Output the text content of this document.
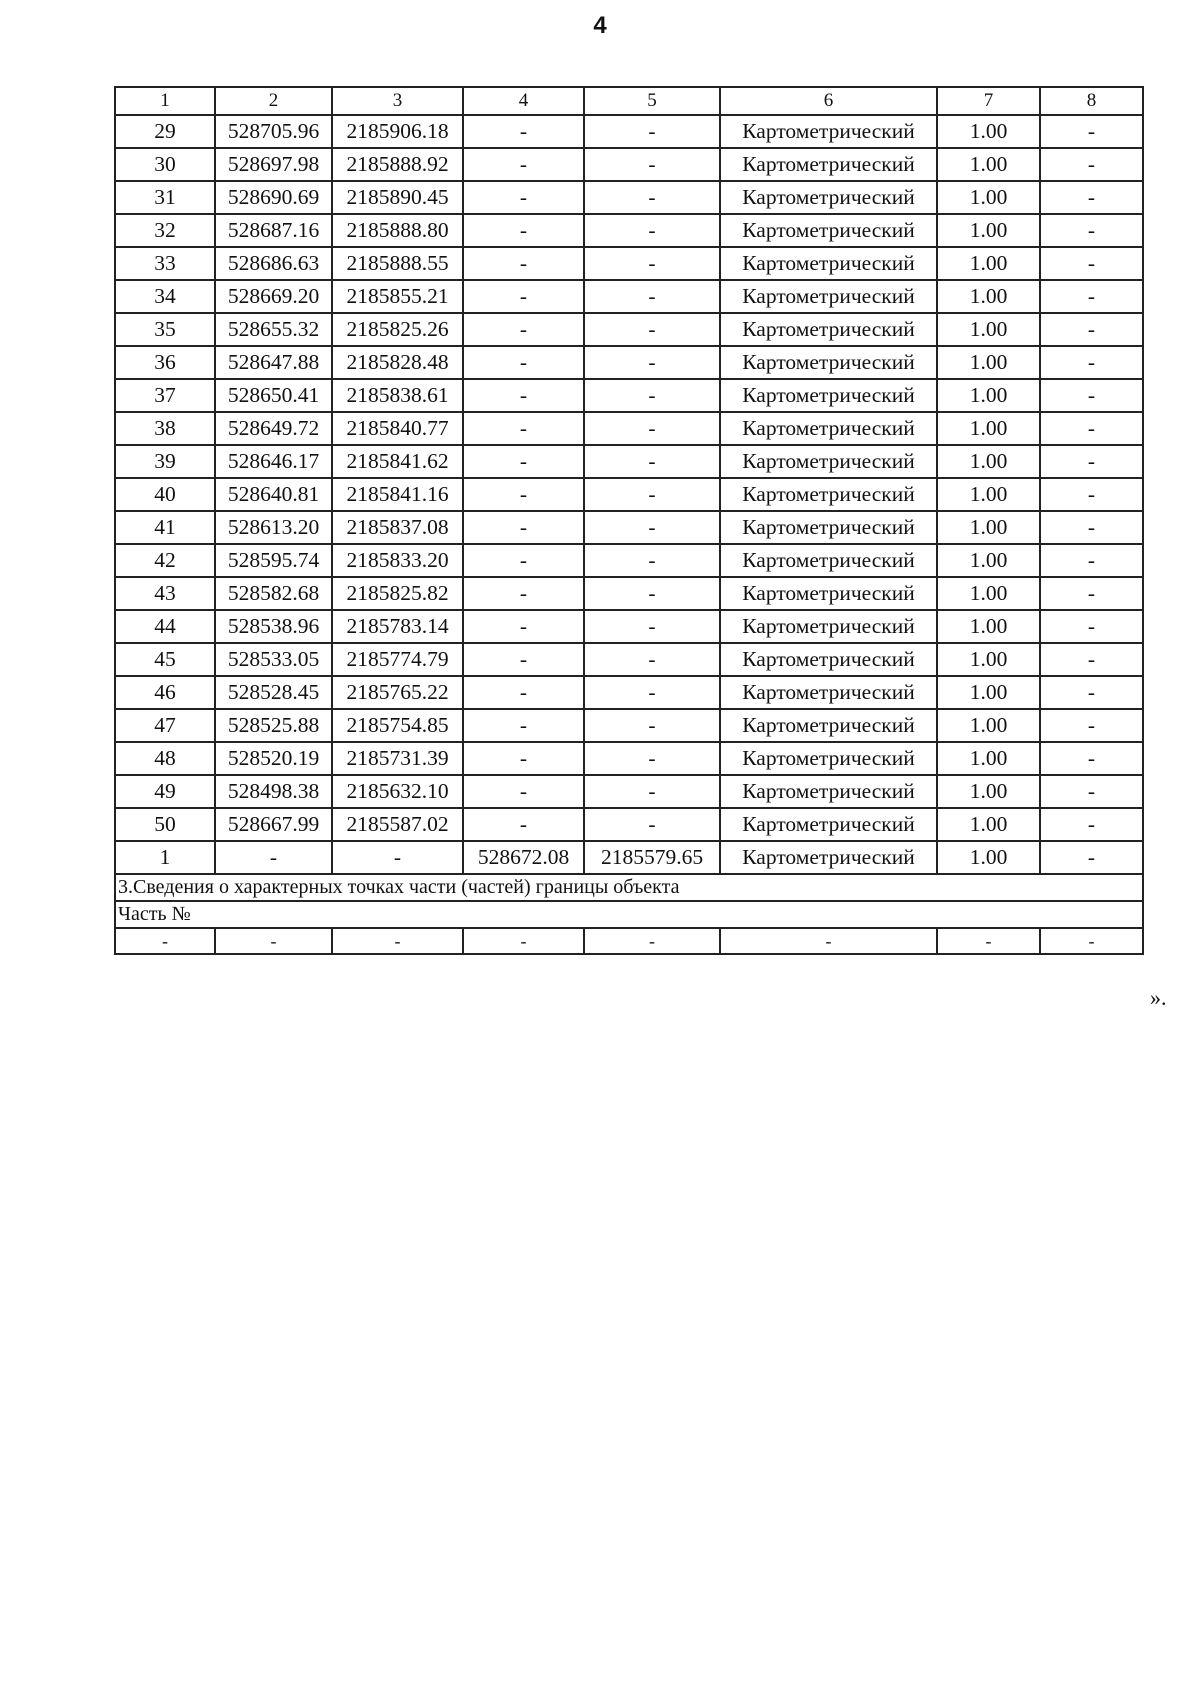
4
1	2	3	4	5	6	7	8
29	528705.96	2185906.18	-	-	Картометрический	1.00	-
30	528697.98	2185888.92	-	-	Картометрический	1.00	-
31	528690.69	2185890.45	-	-	Картометрический	1.00	-
32	528687.16	2185888.80	-	-	Картометрический	1.00	-
33	528686.63	2185888.55	-	-	Картометрический	1.00	-
34	528669.20	2185855.21	-	-	Картометрический	1.00	-
35	528655.32	2185825.26	-	-	Картометрический	1.00	-
36	528647.88	2185828.48	-	-	Картометрический	1.00	-
37	528650.41	2185838.61	-	-	Картометрический	1.00	-
38	528649.72	2185840.77	-	-	Картометрический	1.00	-
39	528646.17	2185841.62	-	-	Картометрический	1.00	-
40	528640.81	2185841.16	-	-	Картометрический	1.00	-
41	528613.20	2185837.08	-	-	Картометрический	1.00	-
42	528595.74	2185833.20	-	-	Картометрический	1.00	-
43	528582.68	2185825.82	-	-	Картометрический	1.00	-
44	528538.96	2185783.14	-	-	Картометрический	1.00	-
45	528533.05	2185774.79	-	-	Картометрический	1.00	-
46	528528.45	2185765.22	-	-	Картометрический	1.00	-
47	528525.88	2185754.85	-	-	Картометрический	1.00	-
48	528520.19	2185731.39	-	-	Картометрический	1.00	-
49	528498.38	2185632.10	-	-	Картометрический	1.00	-
50	528667.99	2185587.02	-	-	Картометрический	1.00	-
1	-	-	528672.08	2185579.65	Картометрический	1.00	-
3.Сведения о характерных точках части (частей) границы объекта							
Часть №							
-	-	-	-	-	-	-	-
».
